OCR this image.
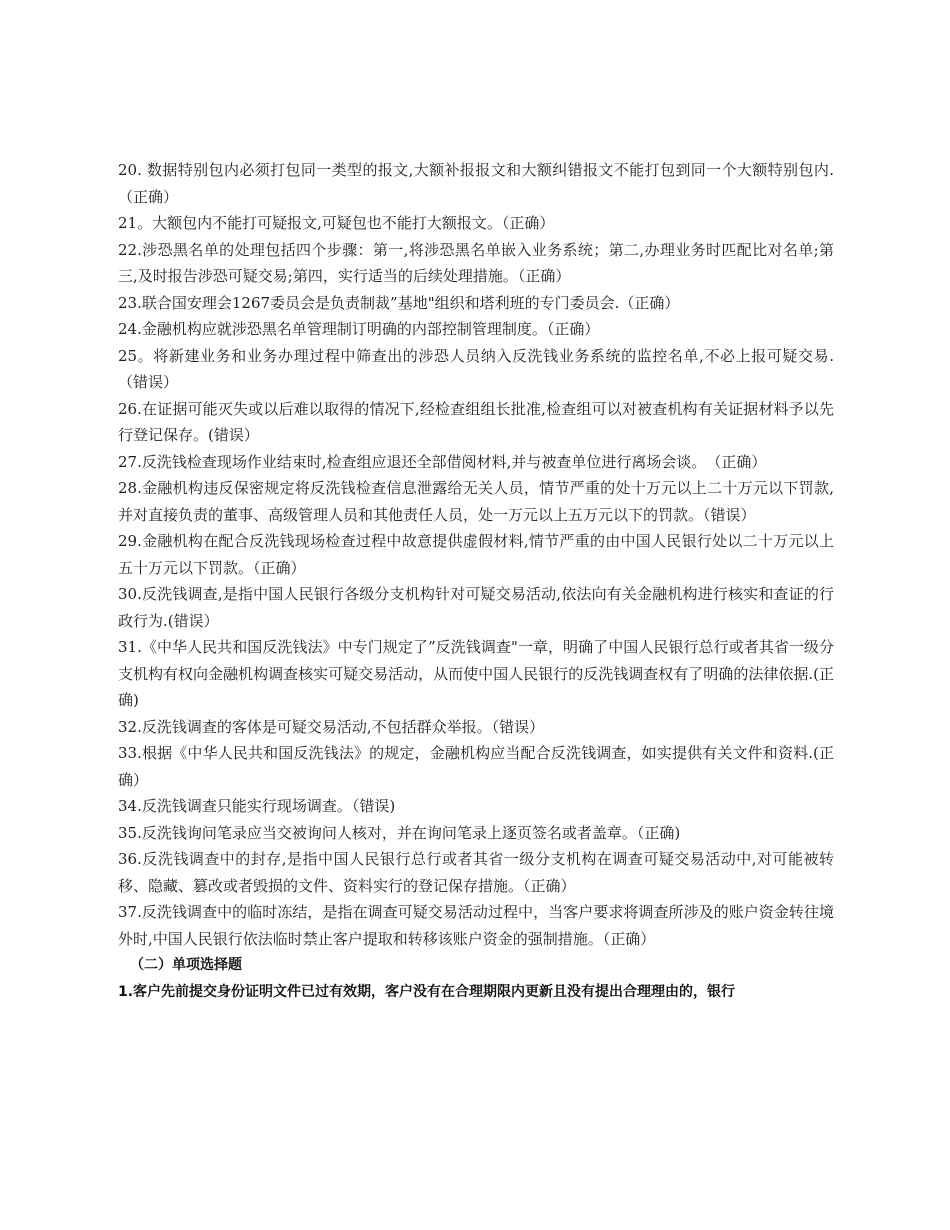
20. 数据特别包内必须打包同一类型的报文,大额补报报文和大额纠错报文不能打包到同一个大额特别包内.（正确）

21。大额包内不能打可疑报文,可疑包也不能打大额报文。（正确）

22.涉恐黑名单的处理包括四个步骤：第一,将涉恐黑名单嵌入业务系统；第二,办理业务时匹配比对名单;第三,及时报告涉恐可疑交易;第四，实行适当的后续处理措施。（正确）

23.联合国安理会1267委员会是负责制裁”基地"组织和塔利班的专门委员会.（正确）

24.金融机构应就涉恐黑名单管理制订明确的内部控制管理制度。（正确）

25。将新建业务和业务办理过程中筛查出的涉恐人员纳入反洗钱业务系统的监控名单,不必上报可疑交易.（错误）

26.在证据可能灭失或以后难以取得的情况下,经检查组组长批准,检查组可以对被查机构有关证据材料予以先行登记保存。(错误）

27.反洗钱检查现场作业结束时,检查组应退还全部借阅材料,并与被查单位进行离场会谈。　（正确）

28.金融机构违反保密规定将反洗钱检查信息泄露给无关人员，情节严重的处十万元以上二十万元以下罚款,并对直接负责的董事、高级管理人员和其他责任人员，处一万元以上五万元以下的罚款。（错误）

29.金融机构在配合反洗钱现场检查过程中故意提供虚假材料,情节严重的由中国人民银行处以二十万元以上五十万元以下罚款。（正确）

30.反洗钱调查,是指中国人民银行各级分支机构针对可疑交易活动,依法向有关金融机构进行核实和查证的行政行为.(错误）

31.《中华人民共和国反洗钱法》中专门规定了”反洗钱调查"一章，明确了中国人民银行总行或者其省一级分支机构有权向金融机构调查核实可疑交易活动，从而使中国人民银行的反洗钱调查权有了明确的法律依据.(正确)

32.反洗钱调查的客体是可疑交易活动,不包括群众举报。（错误）

33.根据《中华人民共和国反洗钱法》的规定，金融机构应当配合反洗钱调查，如实提供有关文件和资料.(正确）

34.反洗钱调查只能实行现场调查。（错误)

35.反洗钱询问笔录应当交被询问人核对，并在询问笔录上逐页签名或者盖章。（正确)

36.反洗钱调查中的封存,是指中国人民银行总行或者其省一级分支机构在调查可疑交易活动中,对可能被转移、隐藏、篡改或者毁损的文件、资料实行的登记保存措施。（正确）

37.反洗钱调查中的临时冻结，是指在调查可疑交易活动过程中，当客户要求将调查所涉及的账户资金转往境外时,中国人民银行依法临时禁止客户提取和转移该账户资金的强制措施。（正确）

（二）单项选择题

1.客户先前提交身份证明文件已过有效期，客户没有在合理期限内更新且没有提出合理理由的，银行
